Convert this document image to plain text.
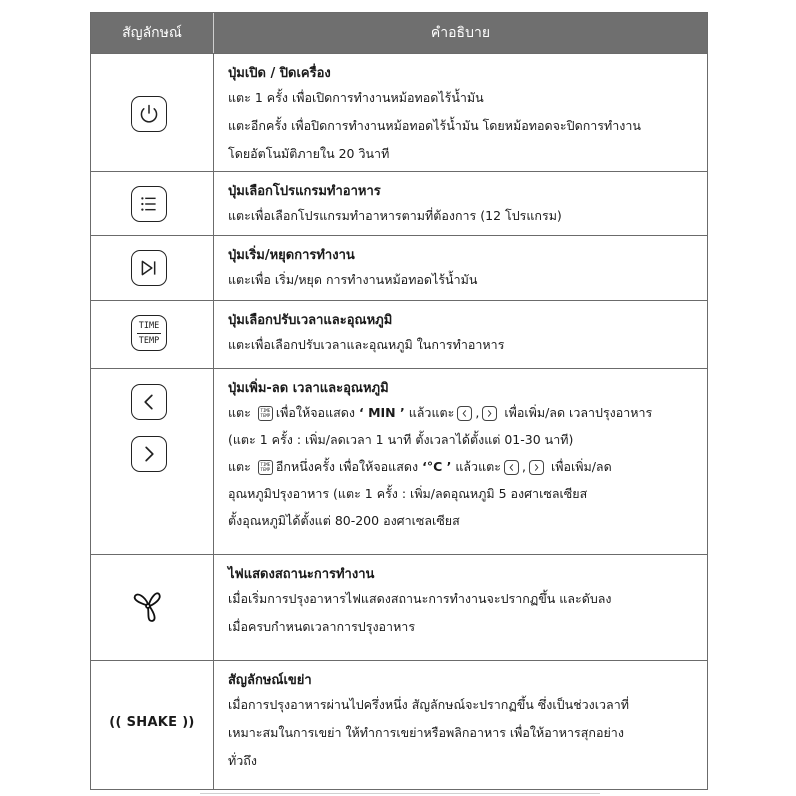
สัญลักษณ์	คำอธิบาย
ปุ่มเปิด / ปิดเครื่อง
แตะ 1 ครั้ง เพื่อเปิดการทำงานหม้อทอดไร้น้ำมัน
แตะอีกครั้ง เพื่อปิดการทำงานหม้อทอดไร้น้ำมัน โดยหม้อทอดจะปิดการทำงาน
โดยอัตโนมัติภายใน 20 วินาที
ปุ่มเลือกโปรแกรมทำอาหาร
แตะเพื่อเลือกโปรแกรมทำอาหารตามที่ต้องการ (12 โปรแกรม)
ปุ่มเริ่ม/หยุดการทำงาน
แตะเพื่อ เริ่ม/หยุด การทำงานหม้อทอดไร้น้ำมัน
TIME
TEMP
ปุ่มเลือกปรับเวลาและอุณหภูมิ
แตะเพื่อเลือกปรับเวลาและอุณหภูมิ ในการทำอาหาร
ปุ่มเพิ่ม-ลด เวลาและอุณหภูมิ
แตะ TIME
TEMP เพื่อให้จอแสดง ‘ MIN ’ แล้วแตะ , เพื่อเพิ่ม/ลด เวลาปรุงอาหาร
(แตะ 1 ครั้ง : เพิ่ม/ลดเวลา 1 นาที ตั้งเวลาได้ตั้งแต่ 01-30 นาที)
แตะ TIME
TEMP อีกหนึ่งครั้ง เพื่อให้จอแสดง ‘°C ’ แล้วแตะ , เพื่อเพิ่ม/ลด
อุณหภูมิปรุงอาหาร (แตะ 1 ครั้ง : เพิ่ม/ลดอุณหภูมิ 5 องศาเซลเซียส
ตั้งอุณหภูมิได้ตั้งแต่ 80-200 องศาเซลเซียส
ไฟแสดงสถานะการทำงาน
เมื่อเริ่มการปรุงอาหารไฟแสดงสถานะการทำงานจะปรากฏขึ้น และดับลง
เมื่อครบกำหนดเวลาการปรุงอาหาร
(( SHAKE ))
สัญลักษณ์เขย่า
เมื่อการปรุงอาหารผ่านไปครึ่งหนึ่ง สัญลักษณ์จะปรากฏขึ้น ซึ่งเป็นช่วงเวลาที่
เหมาะสมในการเขย่า ให้ทำการเขย่าหรือพลิกอาหาร เพื่อให้อาหารสุกอย่าง
ทั่วถึง
